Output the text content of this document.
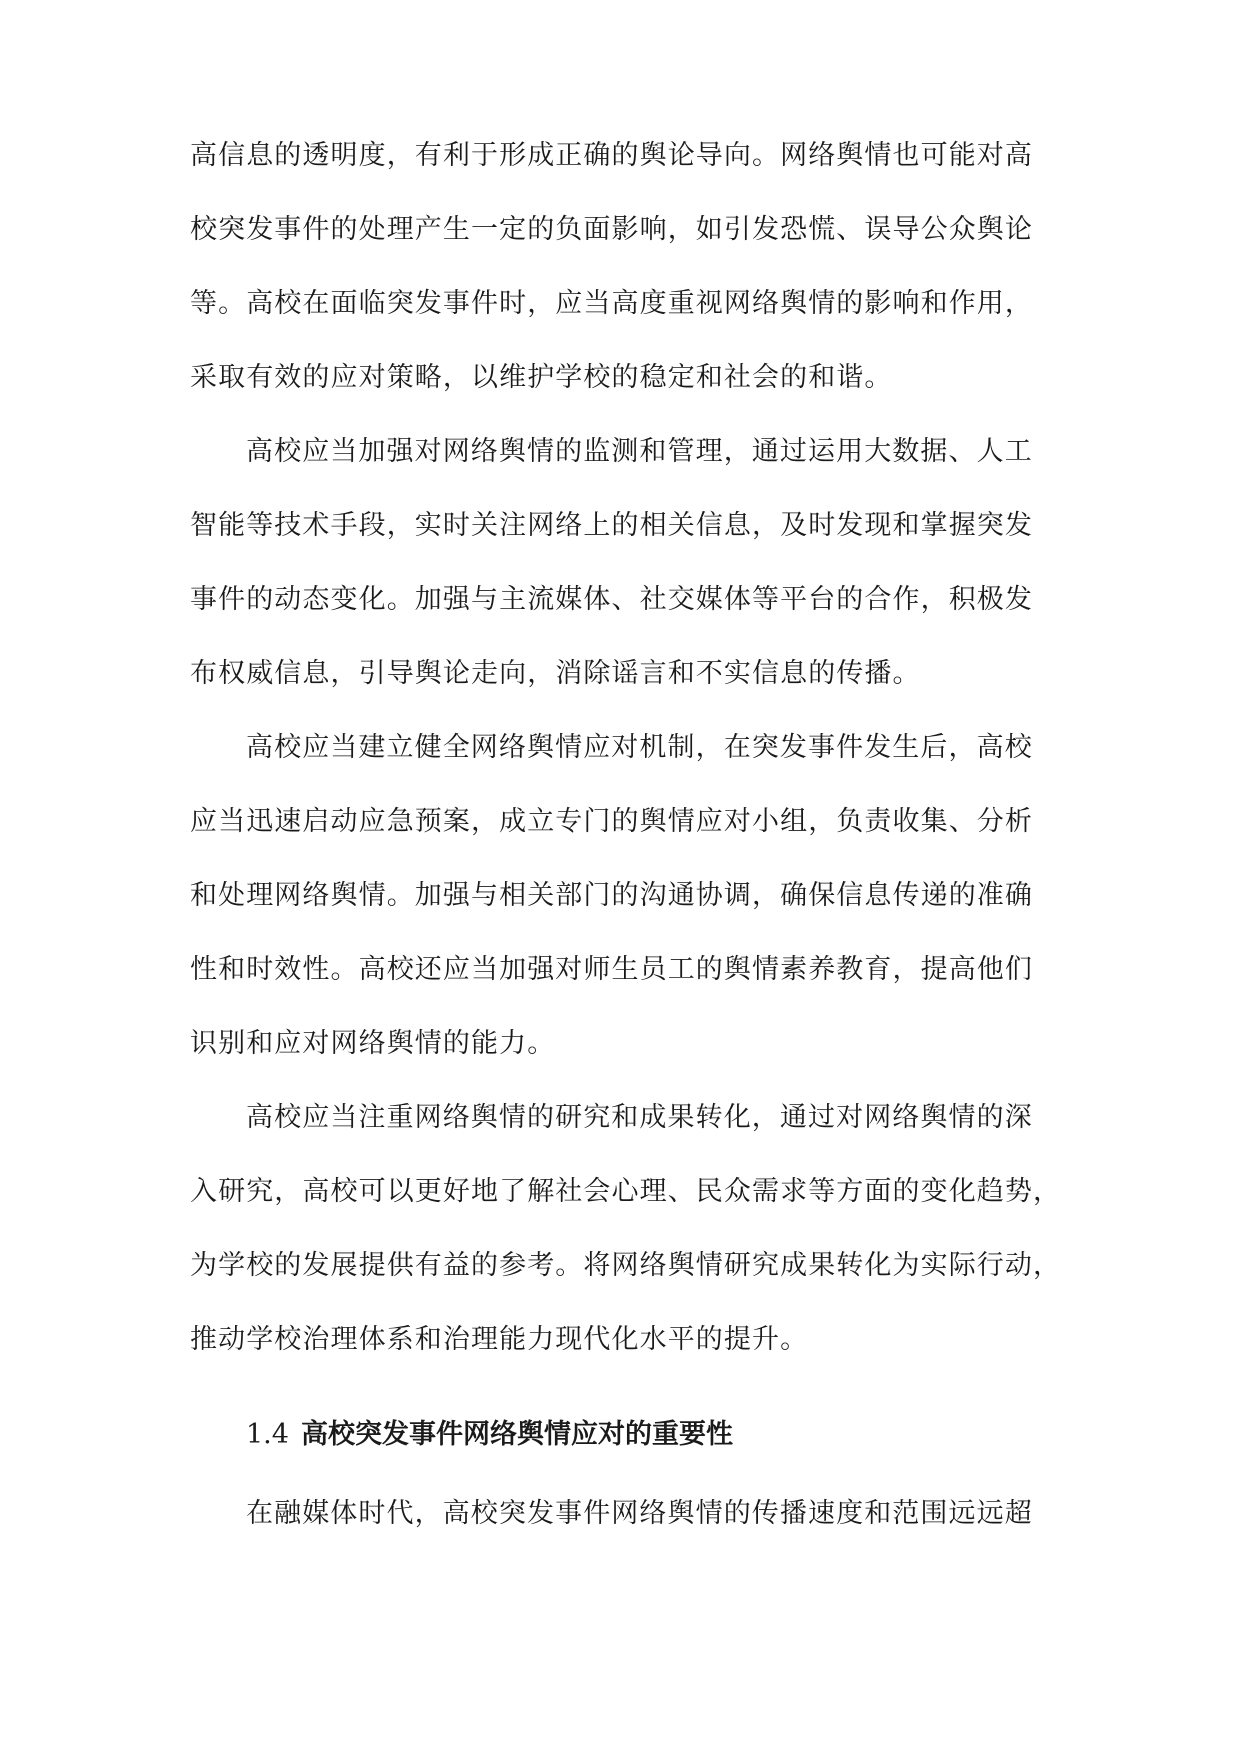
高信息的透明度，有利于形成正确的舆论导向。网络舆情也可能对高
校突发事件的处理产生一定的负面影响，如引发恐慌、误导公众舆论
等。高校在面临突发事件时，应当高度重视网络舆情的影响和作用，
采取有效的应对策略，以维护学校的稳定和社会的和谐。
高校应当加强对网络舆情的监测和管理，通过运用大数据、人工
智能等技术手段，实时关注网络上的相关信息，及时发现和掌握突发
事件的动态变化。加强与主流媒体、社交媒体等平台的合作，积极发
布权威信息，引导舆论走向，消除谣言和不实信息的传播。
高校应当建立健全网络舆情应对机制，在突发事件发生后，高校
应当迅速启动应急预案，成立专门的舆情应对小组，负责收集、分析
和处理网络舆情。加强与相关部门的沟通协调，确保信息传递的准确
性和时效性。高校还应当加强对师生员工的舆情素养教育，提高他们
识别和应对网络舆情的能力。
高校应当注重网络舆情的研究和成果转化，通过对网络舆情的深
入研究，高校可以更好地了解社会心理、民众需求等方面的变化趋势，
为学校的发展提供有益的参考。将网络舆情研究成果转化为实际行动，
推动学校治理体系和治理能力现代化水平的提升。
1.4 高校突发事件网络舆情应对的重要性
在融媒体时代，高校突发事件网络舆情的传播速度和范围远远超
